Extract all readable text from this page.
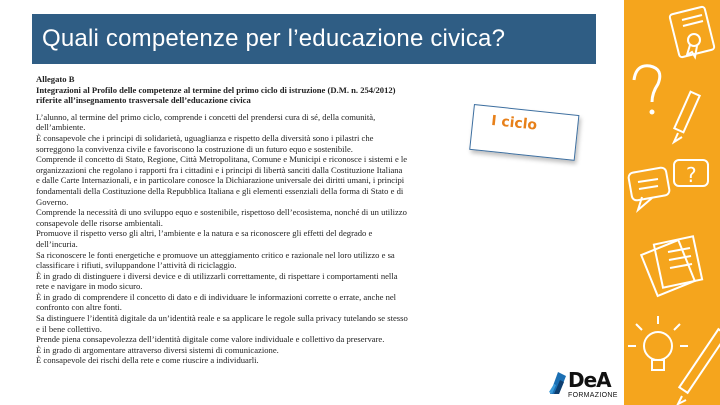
Quali competenze per l’educazione civica?

Allegato B

Integrazioni al Profilo delle competenze al termine del primo ciclo di istruzione (D.M. n. 254/2012) riferite all’insegnamento trasversale dell’educazione civica

L’alunno, al termine del primo ciclo, comprende i concetti del prendersi cura di sé, della comunità, dell’ambiente.

È consapevole che i principi di solidarietà, uguaglianza e rispetto della diversità sono i pilastri che sorreggono la convivenza civile e favoriscono la costruzione di un futuro equo e sostenibile.

Comprende il concetto di Stato, Regione, Città Metropolitana, Comune e Municipi e riconosce i sistemi e le organizzazioni che regolano i rapporti fra i cittadini e i principi di libertà sanciti dalla Costituzione Italiana e dalle Carte Internazionali, e in particolare conosce la Dichiarazione universale dei diritti umani, i principi fondamentali della Costituzione della Repubblica Italiana e gli elementi essenziali della forma di Stato e di Governo.

Comprende la necessità di uno sviluppo equo e sostenibile, rispettoso dell’ecosistema, nonché di un utilizzo consapevole delle risorse ambientali.

Promuove il rispetto verso gli altri, l’ambiente e la natura e sa riconoscere gli effetti del degrado e dell’incuria.

Sa riconoscere le fonti energetiche e promuove un atteggiamento critico e razionale nel loro utilizzo e sa classificare i rifiuti, sviluppandone l’attività di riciclaggio.

È in grado di distinguere i diversi device e di utilizzarli correttamente, di rispettare i comportamenti nella rete e navigare in modo sicuro.

È in grado di comprendere il concetto di dato e di individuare le informazioni corrette o errate, anche nel confronto con altre fonti.

Sa distinguere l’identità digitale da un’identità reale e sa applicare le regole sulla privacy tutelando se stesso e il bene collettivo.

Prende piena consapevolezza dell’identità digitale come valore individuale e collettivo da preservare.

È in grado di argomentare attraverso diversi sistemi di comunicazione.

È consapevole dei rischi della rete e come riuscire a individuarli.

I ciclo
?
DeA
FORMAZIONE
